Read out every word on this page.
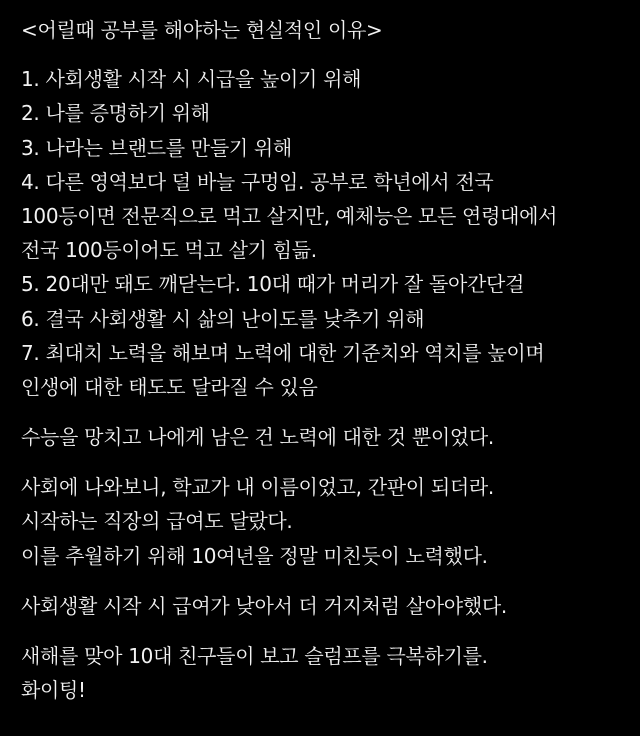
<어릴때 공부를 해야하는 현실적인 이유>
1. 사회생활 시작 시 시급을 높이기 위해
2. 나를 증명하기 위해
3. 나라는 브랜드를 만들기 위해
4. 다른 영역보다 덜 바늘 구멍임. 공부로 학년에서 전국
100등이면 전문직으로 먹고 살지만, 예체능은 모든 연령대에서
전국 100등이어도 먹고 살기 힘듦.
5. 20대만 돼도 깨닫는다. 10대 때가 머리가 잘 돌아간단걸
6. 결국 사회생활 시 삶의 난이도를 낮추기 위해
7. 최대치 노력을 해보며 노력에 대한 기준치와 역치를 높이며
인생에 대한 태도도 달라질 수 있음
수능을 망치고 나에게 남은 건 노력에 대한 것 뿐이었다.
사회에 나와보니, 학교가 내 이름이었고, 간판이 되더라.
시작하는 직장의 급여도 달랐다.
이를 추월하기 위해 10여년을 정말 미친듯이 노력했다.
사회생활 시작 시 급여가 낮아서 더 거지처럼 살아야했다.
새해를 맞아 10대 친구들이 보고 슬럼프를 극복하기를.
화이팅!
